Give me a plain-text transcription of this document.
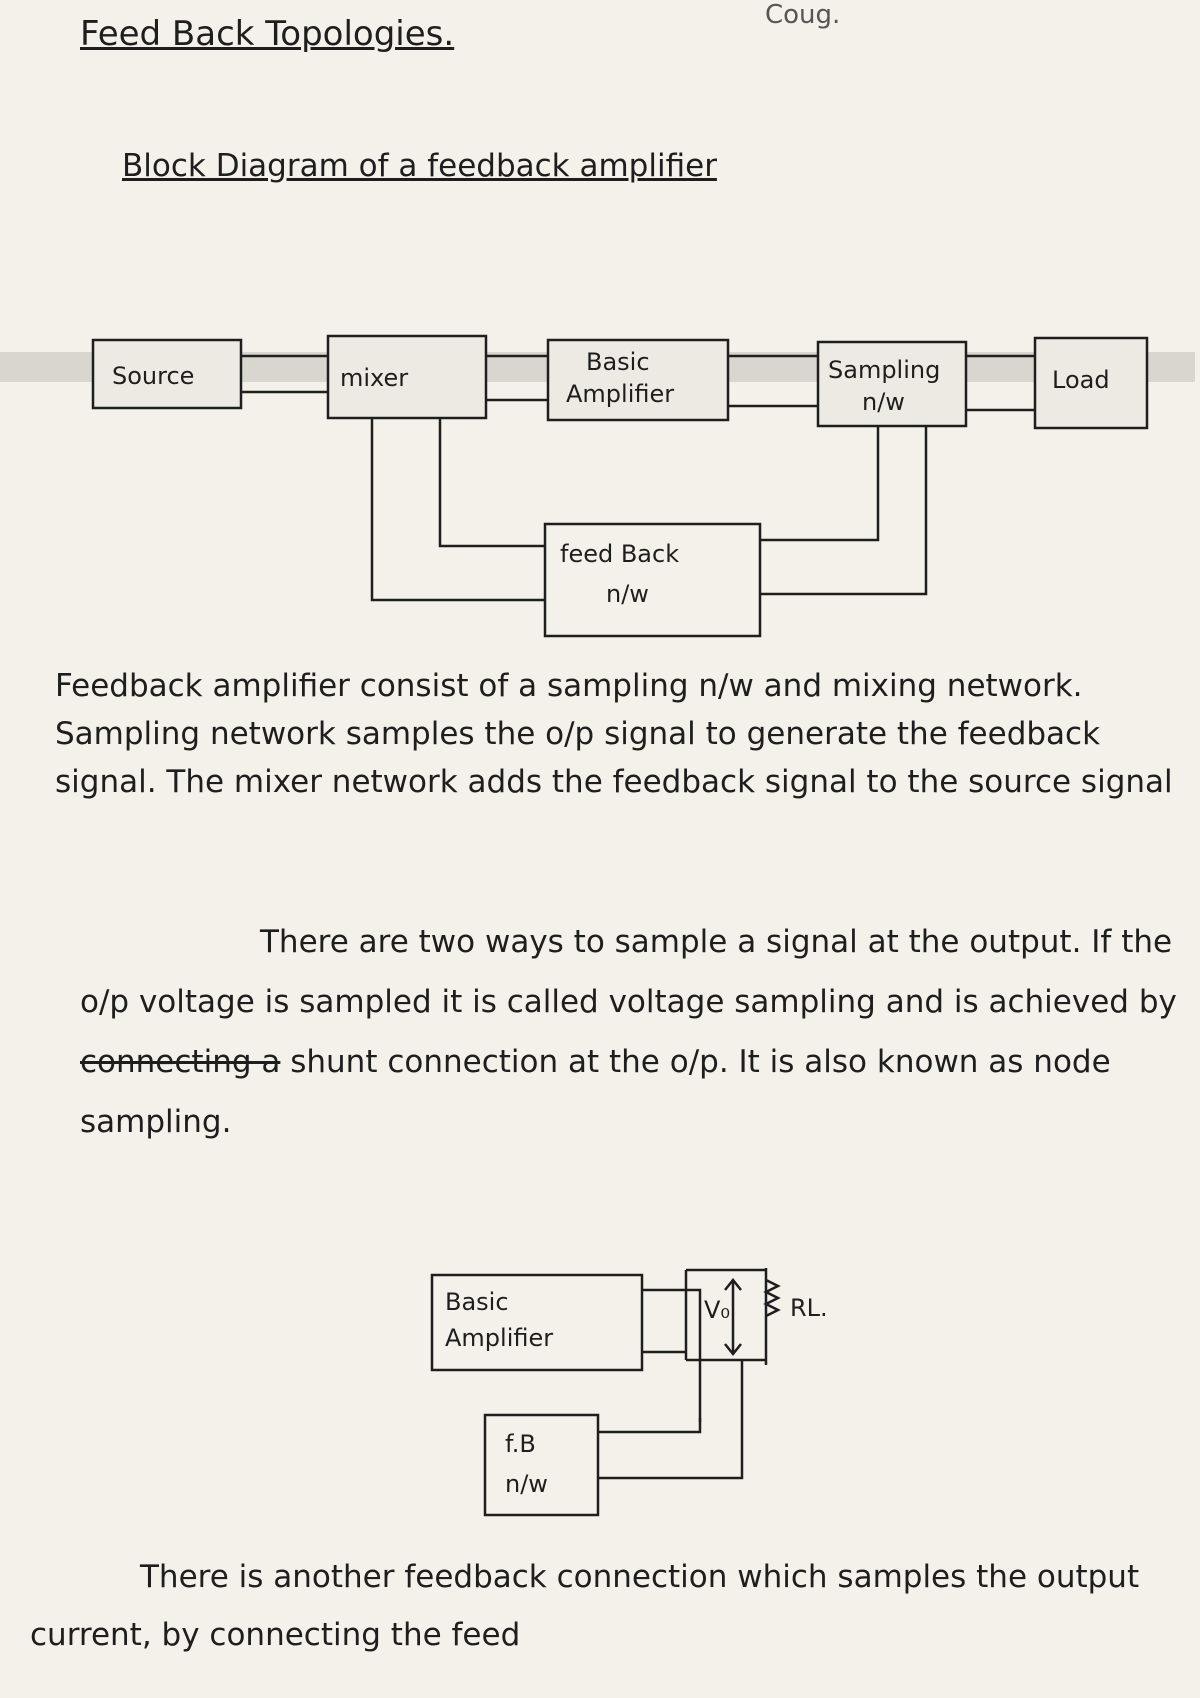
Feed Back Topologies.	Coug.
Block Diagram of a feedback amplifier
Source	mixer
Basic
Amplifier
Sampling
n/w
Load
feed Back
n/w

Feedback amplifier consist of a sampling n/w and mixing network. Sampling network samples the o/p signal to generate the feedback signal. The mixer network adds the feedback signal to the source signal

There are two ways to sample a signal at the output. If the o/p voltage is sampled it is called voltage sampling and is achieved by connecting a shunt connection at the o/p. It is also known as node sampling.

Basic
Amplifier
V₀ RL.
f.B
n/w

There is another feedback connection which samples the output current, by connecting the feed
